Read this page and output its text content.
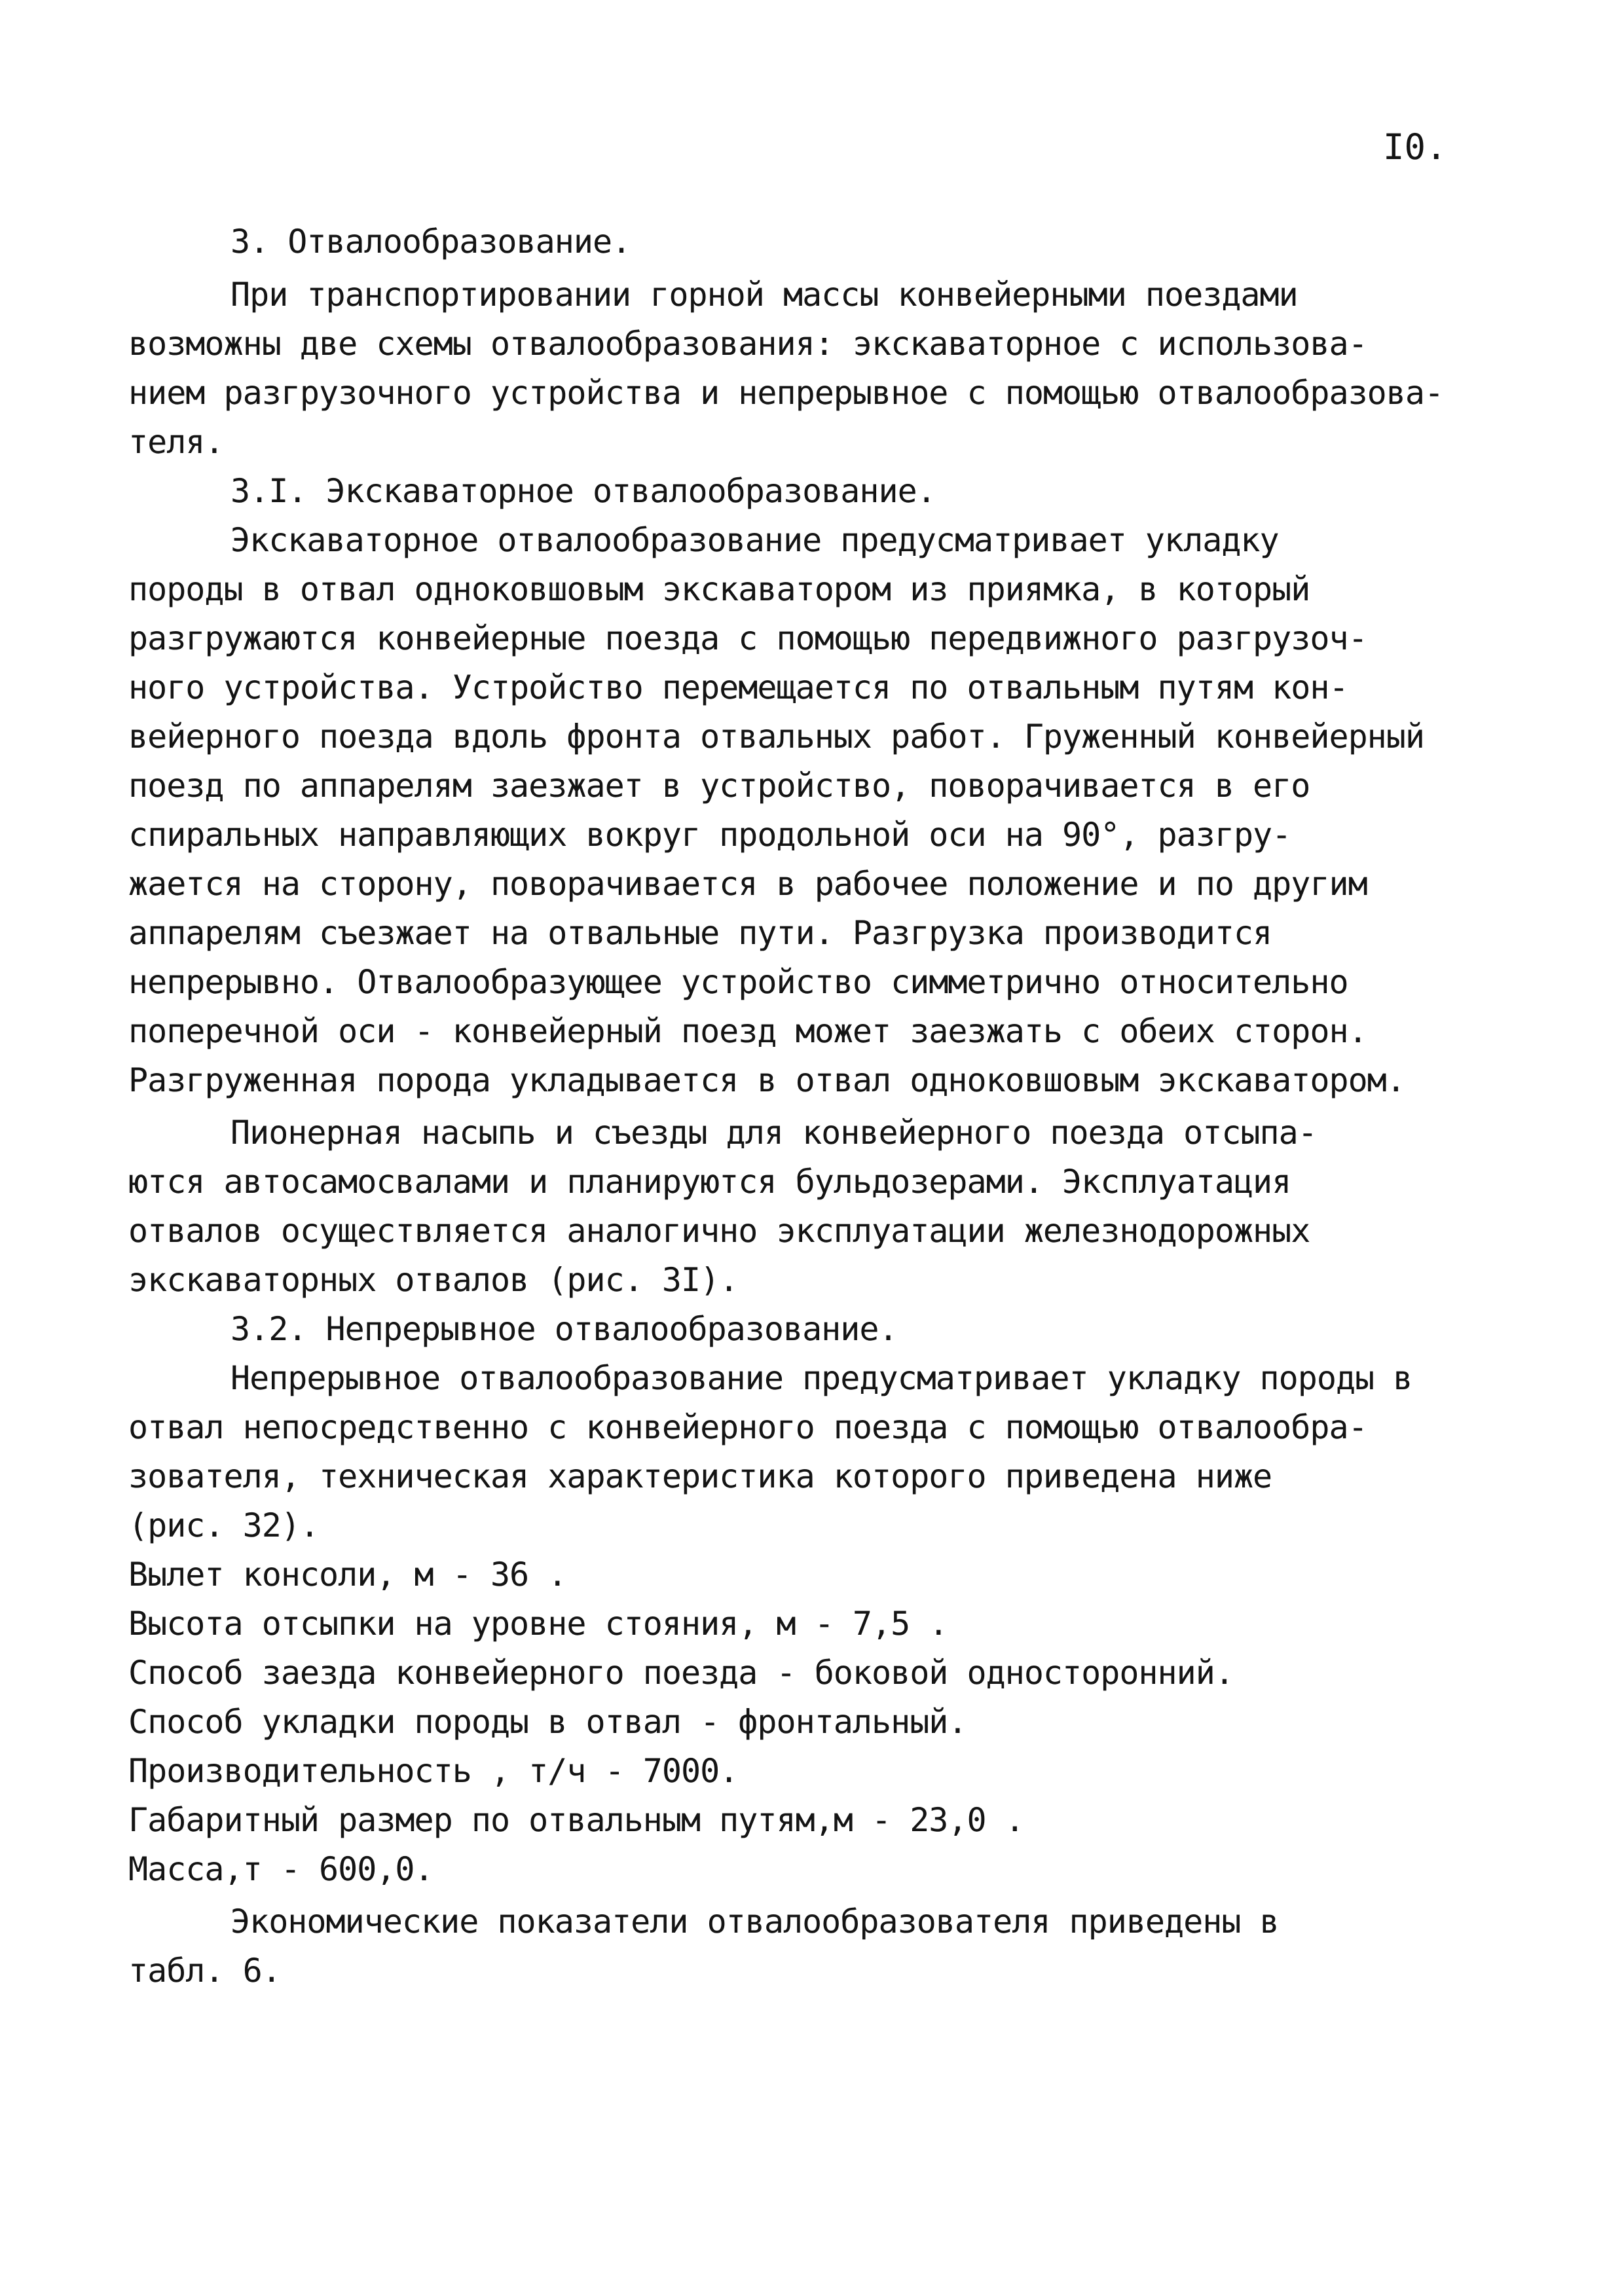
I0.
3. Отвалообразование.
При транспортировании горной массы конвейерными поездами
возможны две схемы отвалообразования: экскаваторное с использова-
нием разгрузочного устройства и непрерывное с помощью отвалообразова-
теля.
3.I. Экскаваторное отвалообразование.
Экскаваторное отвалообразование предусматривает укладку
породы в отвал одноковшовым экскаватором из приямка, в который
разгружаются конвейерные поезда с помощью передвижного разгрузоч-
ного устройства. Устройство перемещается по отвальным путям кон-
вейерного поезда вдоль фронта отвальных работ. Груженный конвейерный
поезд по аппарелям заезжает в устройство, поворачивается в его
спиральных направляющих вокруг продольной оси на 90°, разгру-
жается на сторону, поворачивается в рабочее положение и по другим
аппарелям съезжает на отвальные пути. Разгрузка производится
непрерывно. Отвалообразующее устройство симметрично относительно
поперечной оси - конвейерный поезд может заезжать с обеих сторон.
Разгруженная порода укладывается в отвал одноковшовым экскаватором.
Пионерная насыпь и съезды для конвейерного поезда отсыпа-
ются автосамосвалами и планируются бульдозерами. Эксплуатация
отвалов осуществляется аналогично эксплуатации железнодорожных
экскаваторных отвалов (рис. 3I).
3.2. Непрерывное отвалообразование.
Непрерывное отвалообразование предусматривает укладку породы в
отвал непосредственно с конвейерного поезда с помощью отвалообра-
зователя, техническая характеристика которого приведена ниже
(рис. 32).
Вылет консоли, м - 36 .
Высота отсыпки на уровне стояния, м - 7,5 .
Способ заезда конвейерного поезда - боковой односторонний.
Способ укладки породы в отвал - фронтальный.
Производительность , т/ч - 7000.
Габаритный размер по отвальным путям,м - 23,0 .
Масса,т - 600,0.
Экономические показатели отвалообразователя приведены в
табл. 6.
